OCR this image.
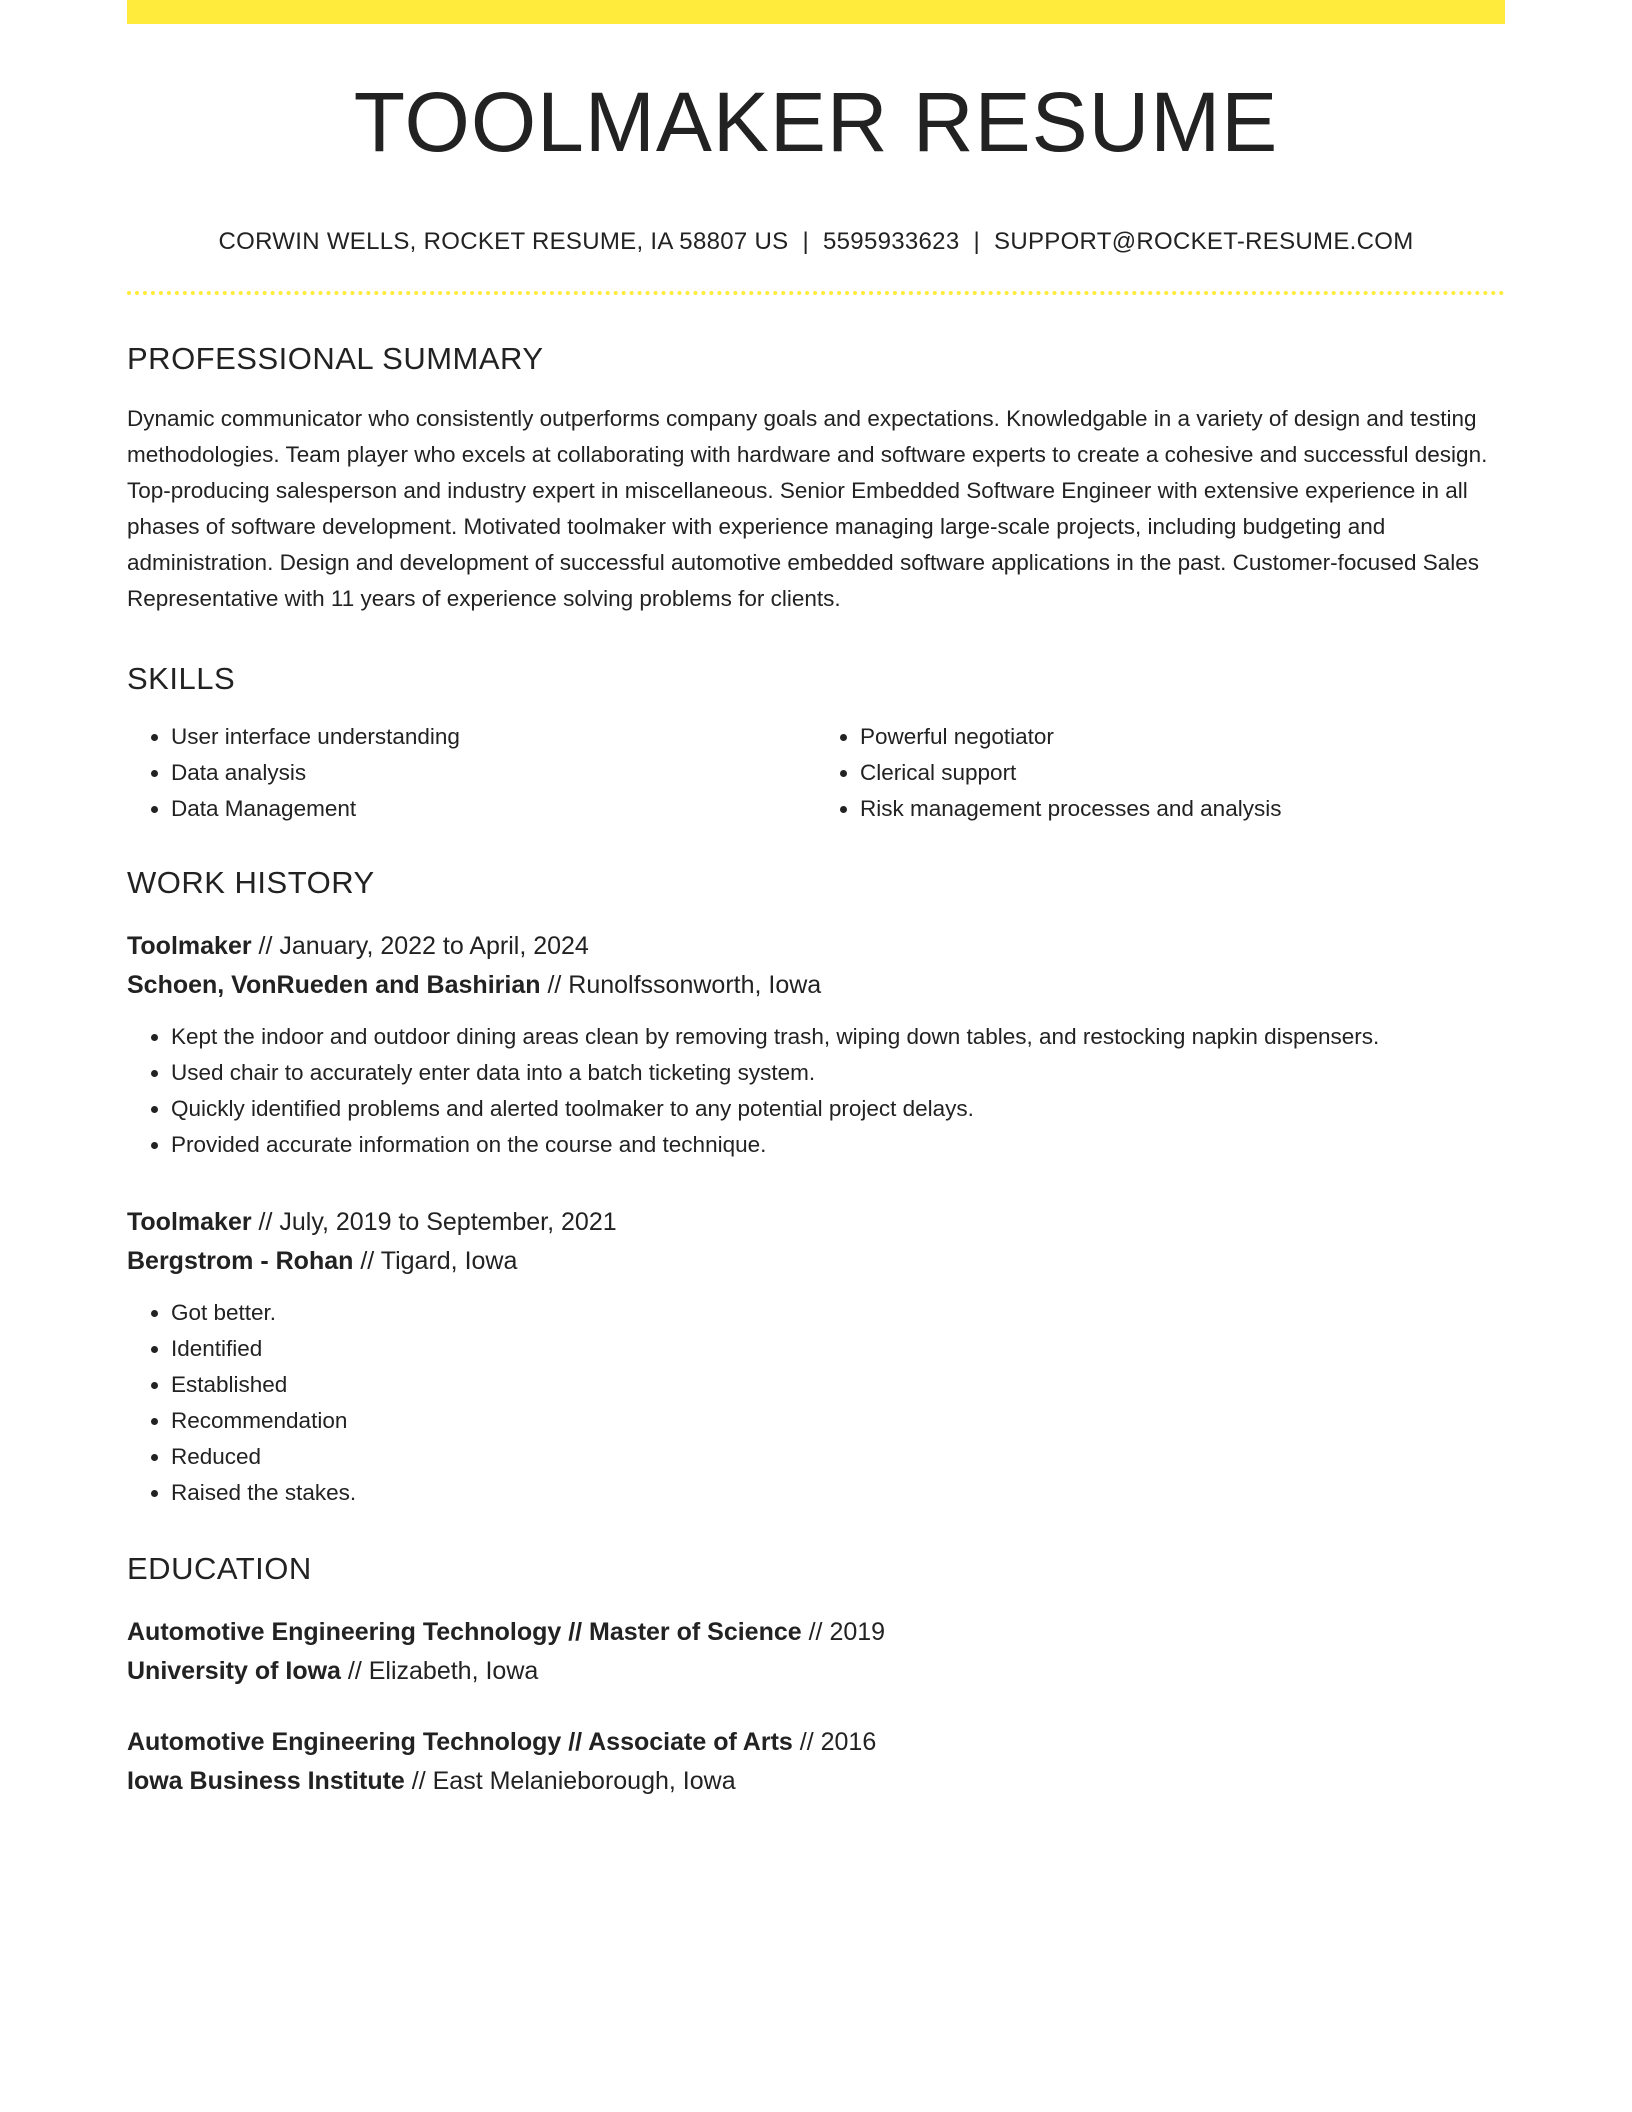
TOOLMAKER RESUME
CORWIN WELLS, ROCKET RESUME, IA 58807 US | 5595933623 | SUPPORT@ROCKET-RESUME.COM
PROFESSIONAL SUMMARY
Dynamic communicator who consistently outperforms company goals and expectations. Knowledgable in a variety of design and testing methodologies. Team player who excels at collaborating with hardware and software experts to create a cohesive and successful design. Top-producing salesperson and industry expert in miscellaneous. Senior Embedded Software Engineer with extensive experience in all phases of software development. Motivated toolmaker with experience managing large-scale projects, including budgeting and administration. Design and development of successful automotive embedded software applications in the past. Customer-focused Sales Representative with 11 years of experience solving problems for clients.
SKILLS
• User interface understanding
• Data analysis
• Data Management
• Powerful negotiator
• Clerical support
• Risk management processes and analysis
WORK HISTORY
Toolmaker // January, 2022 to April, 2024
Schoen, VonRueden and Bashirian // Runolfssonworth, Iowa
• Kept the indoor and outdoor dining areas clean by removing trash, wiping down tables, and restocking napkin dispensers.
• Used chair to accurately enter data into a batch ticketing system.
• Quickly identified problems and alerted toolmaker to any potential project delays.
• Provided accurate information on the course and technique.
Toolmaker // July, 2019 to September, 2021
Bergstrom - Rohan // Tigard, Iowa
• Got better.
• Identified
• Established
• Recommendation
• Reduced
• Raised the stakes.
EDUCATION
Automotive Engineering Technology // Master of Science // 2019
University of Iowa // Elizabeth, Iowa
Automotive Engineering Technology // Associate of Arts // 2016
Iowa Business Institute // East Melanieborough, Iowa
